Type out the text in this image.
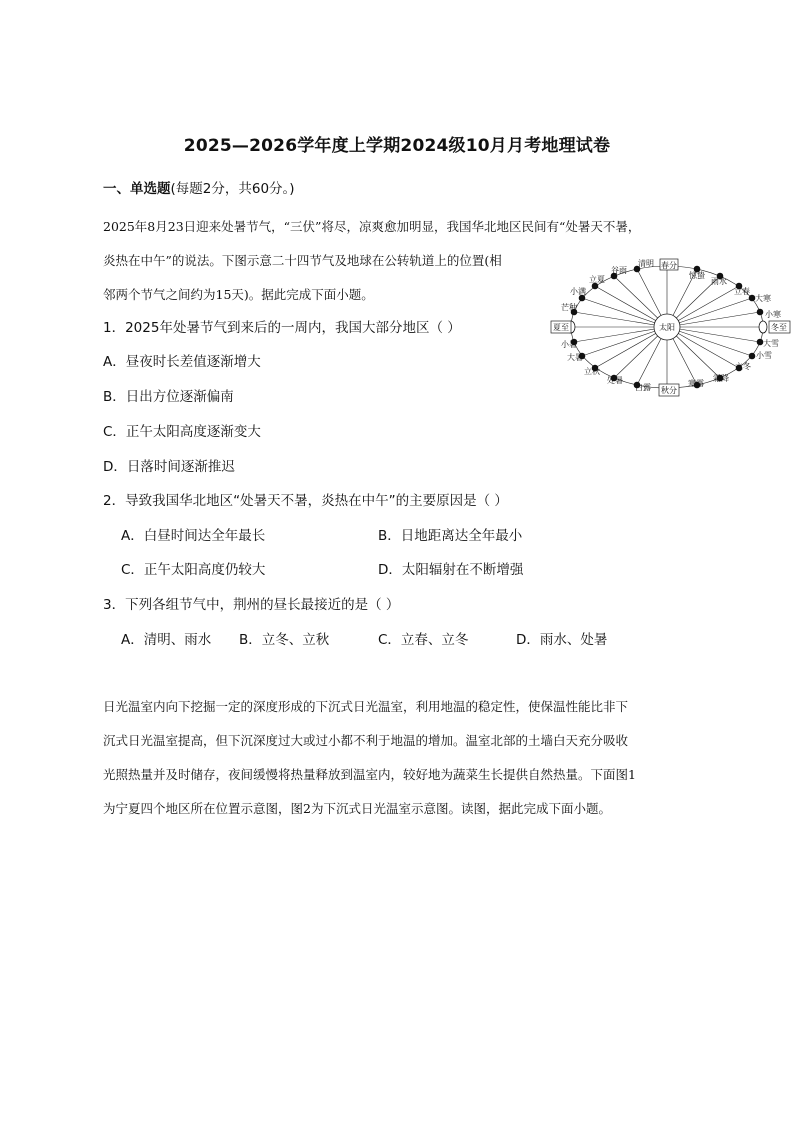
2025—2026学年度上学期2024级10月月考地理试卷
一、单选题(每题2分，共60分。)
2025年8月23日迎来处暑节气，“三伏”将尽，凉爽愈加明显，我国华北地区民间有“处暑天不暑，
炎热在中午”的说法。下图示意二十四节气及地球在公转轨道上的位置(相
邻两个节气之间约为15天)。据此完成下面小题。
1．2025年处暑节气到来后的一周内，我国大部分地区（ ）
A．昼夜时长差值逐渐增大
B．日出方位逐渐偏南
C．正午太阳高度逐渐变大
D．日落时间逐渐推迟
2．导致我国华北地区“处暑天不暑，炎热在中午”的主要原因是（ ）
A．白昼时间达全年最长	B．日地距离达全年最小
C．正午太阳高度仍较大	D．太阳辐射在不断增强
3．下列各组节气中，荆州的昼长最接近的是（ ）
A．清明、雨水 B．立冬、立秋	C．立春、立冬	D．雨水、处暑
日光温室内向下挖掘一定的深度形成的下沉式日光温室，利用地温的稳定性，使保温性能比非下
沉式日光温室提高，但下沉深度过大或过小都不利于地温的增加。温室北部的土墙白天充分吸收
光照热量并及时储存，夜间缓慢将热量释放到温室内，较好地为蔬菜生长提供自然热量。下面图1
为宁夏四个地区所在位置示意图，图2为下沉式日光温室示意图。读图，据此完成下面小题。
太阳
春分
夏至
秋分
冬至
清明
谷雨
立夏
小满
芒种
惊蛰
雨水
立春
大寒
小寒
小暑
大暑
立秋
处暑
白露	寒露
霜降
立冬
小雪
大雪
